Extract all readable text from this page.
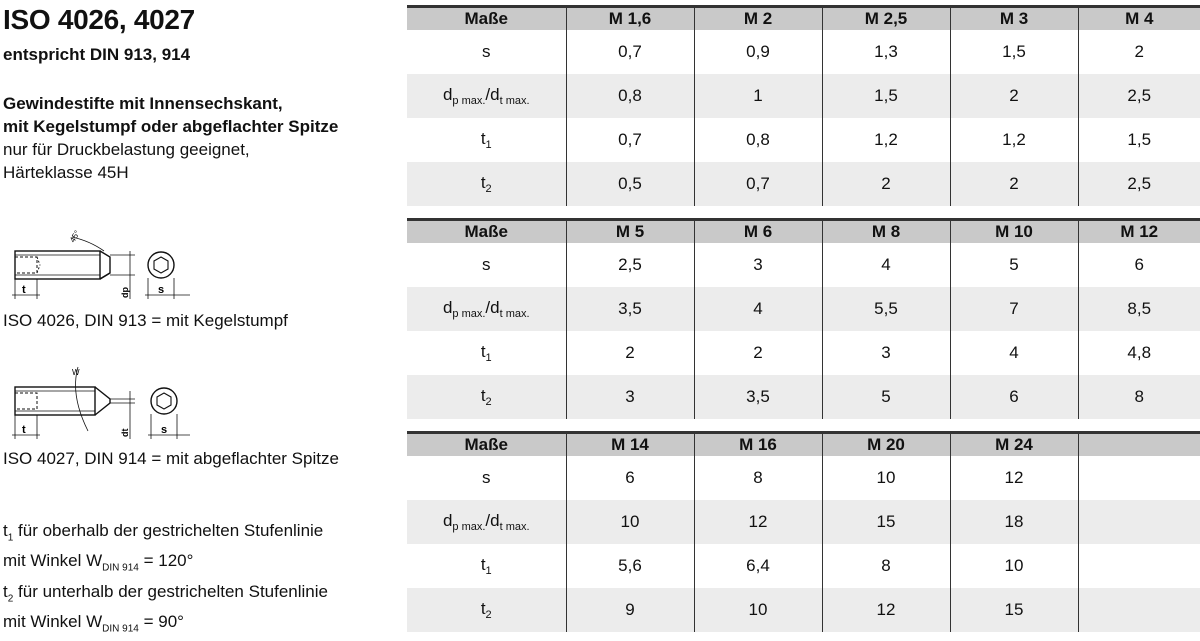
ISO 4026, 4027
entspricht DIN 913, 914
Gewindestifte mit Innensechskant,
mit Kegelstumpf oder abgeflachter Spitze
nur für Druckbelastung geeignet,
Härteklasse 45H
t	s
dp
45°
ISO 4026, DIN 913 = mit Kegelstumpf
t	s
dt
W
ISO 4027, DIN 914 = mit abgeflachter Spitze
$t_1$ für oberhalb der gestrichelten Stufenlinie
mit Winkel $W_{DIN 914} = 120^\circ$
$t_2$ für unterhalb der gestrichelten Stufenlinie
mit Winkel $W_{DIN 914} = 90^\circ$
Maße	M 1,6	M 2	M 2,5	M 3	M 4
s	0,7	0,9	1,3	1,5	2
$d_{p max.}/d_{t max.}$	0,8	1	1,5	2	2,5
$t_1$	0,7	0,8	1,2	1,2	1,5
$t_2$	0,5	0,7	2	2	2,5
Maße	M 5	M 6	M 8	M 10	M 12
s	2,5	3	4	5	6
$d_{p max.}/d_{t max.}$	3,5	4	5,5	7	8,5
$t_1$	2	2	3	4	4,8
$t_2$	3	3,5	5	6	8
Maße	M 14	M 16	M 20	M 24	
s	6	8	10	12	
$d_{p max.}/d_{t max.}$	10	12	15	18	
$t_1$	5,6	6,4	8	10	
$t_2$	9	10	12	15	
